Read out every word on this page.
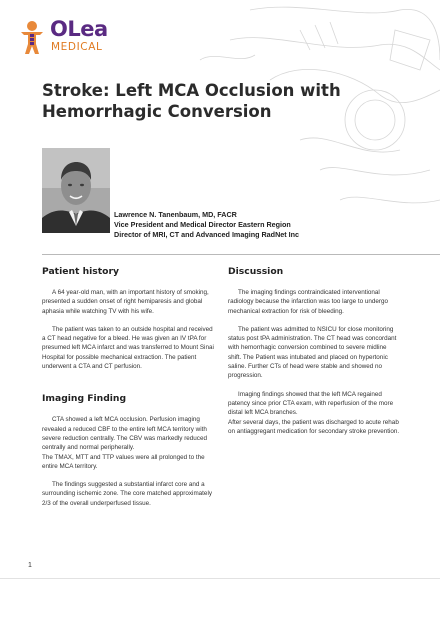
OLea
MEDICAL
Stroke: Left MCA Occlusion with Hemorrhagic Conversion
Lawrence N. Tanenbaum, MD, FACR
Vice President and Medical Director Eastern Region
Director of MRI, CT and Advanced Imaging RadNet Inc
Patient history

A 64 year-old man, with an important history of smoking, presented a sudden onset of right hemiparesis and global aphasia while watching TV with his wife.

The patient was taken to an outside hospital and received a CT head negative for a bleed. He was given an IV tPA for presumed left MCA infarct and was transferred to Mount Sinai Hospital for possible mechanical extraction. The patient underwent a CTA and CT perfusion.

Imaging Finding

CTA showed a left MCA occlusion. Perfusion imaging revealed a reduced CBF to the entire left MCA territory with severe reduction centrally. The CBV was markedly reduced centrally and normal peripherally.

The TMAX, MTT and TTP values were all prolonged to the entire MCA territory.

The findings suggested a substantial infarct core and a surrounding ischemic zone. The core matched approximately 2/3 of the overall underperfused tissue.

Discussion

The imaging findings contraindicated interventional radiology because the infarction was too large to undergo mechanical extraction for risk of bleeding.

The patient was admitted to NSICU for close monitoring status post tPA administration. The CT head was concordant with hemorrhagic conversion combined to severe midline shift. The Patient was intubated and placed on hypertonic saline. Further CTs of head were stable and showed no progression.

Imaging findings showed that the left MCA regained patency since prior CTA exam, with reperfusion of the more distal left MCA branches.

After several days, the patient was discharged to acute rehab on antiaggregant medication for secondary stroke prevention.

1
